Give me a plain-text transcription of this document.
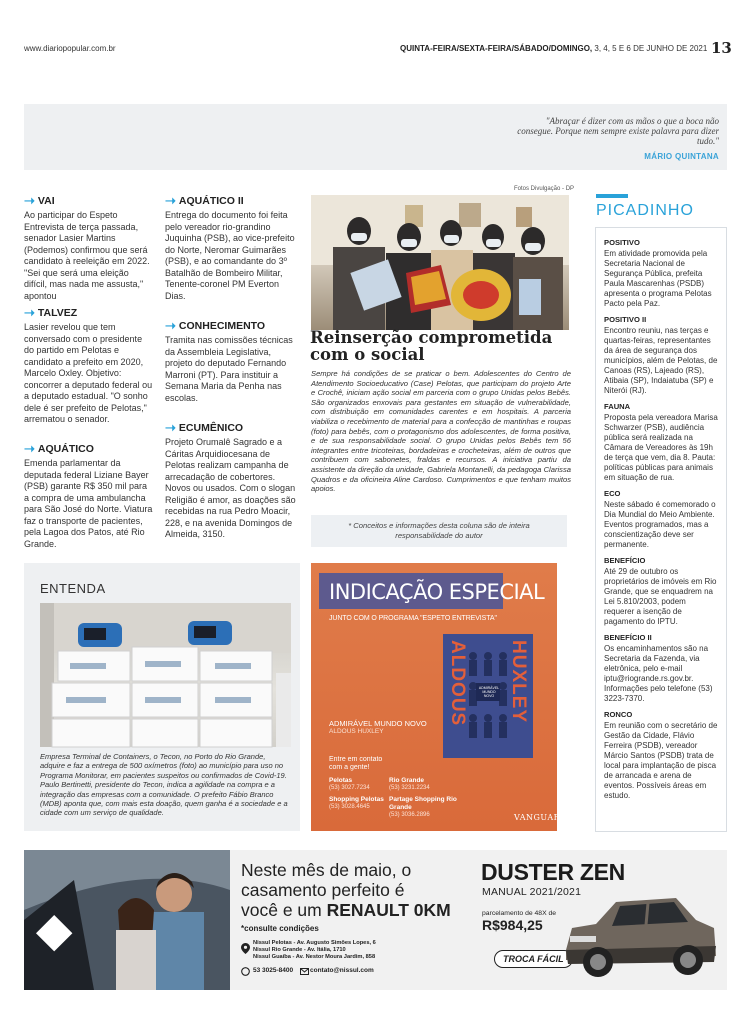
www.diariopopular.com.br	QUINTA-FEIRA/SEXTA-FEIRA/SÁBADO/DOMINGO, 3, 4, 5 E 6 DE JUNHO DE 2021 13
"Abraçar é dizer com as mãos o que a boca não consegue. Porque nem sempre existe palavra para dizer tudo."
MÁRIO QUINTANA
➝ VAI

Ao participar do Espeto Entrevista de terça passada, senador Lasier Martins (Podemos) confirmou que será candidato à reeleição em 2022. "Sei que será uma eleição difícil, mas nada me assusta," apontou

➝ TALVEZ

Lasier revelou que tem conversado com o presidente do partido em Pelotas e candidato a prefeito em 2020, Marcelo Oxley. Objetivo: concorrer a deputado federal ou a deputado estadual. "O sonho dele é ser prefeito de Pelotas," arrematou o senador.

➝ AQUÁTICO

Emenda parlamentar da deputada federal Liziane Bayer (PSB) garante R$ 350 mil para a compra de uma ambulancha para São José do Norte. Viatura faz o transporte de pacientes, pela Lagoa dos Patos, até Rio Grande.

➝ AQUÁTICO II

Entrega do documento foi feita pelo vereador rio-grandino Juquinha (PSB), ao vice-prefeito do Norte, Neromar Guimarães (PSB), e ao comandante do 3º Batalhão de Bombeiro Militar, Tenente-coronel PM Everton Dias.

➝ CONHECIMENTO

Tramita nas comissões técnicas da Assembleia Legislativa, projeto do deputado Fernando Marroni (PT). Para instituir a Semana Maria da Penha nas escolas.

➝ ECUMÊNICO

Projeto Orumalê Sagrado e a Cáritas Arquidiocesana de Pelotas realizam campanha de arrecadação de cobertores. Novos ou usados. Com o slogan Religião é amor, as doações são recebidas na rua Pedro Moacir, 228, e na avenida Domingos de Almeida, 3150.

Fotos Divulgação - DP
Reinserção comprometida com o social
Sempre há condições de se praticar o bem. Adolescentes do Centro de Atendimento Socioeducativo (Case) Pelotas, que participam do projeto Arte e Crochê, iniciam ação social em parceria com o grupo Unidas pelos Bebês. São organizados enxovais para gestantes em situação de vulnerabilidade, com distribuição em comunidades carentes e em hospitais. A parceria viabiliza o recebimento de material para a confecção de mantinhas e roupas (foto) para bebês, com o protagonismo dos adolescentes, de forma positiva, e de sua responsabilidade social. O grupo Unidas pelos Bebês tem 56 integrantes entre tricoteiras, bordadeiras e crocheteiras, além de outros que contribuem com sabonetes, fraldas e recursos. A iniciativa partiu da assistente da direção da unidade, Gabriela Montanelli, da pedagoga Clarissa Quadros e da oficineira Aline Cardoso. Cumprimentos e que tenham muitos apoios.
* Conceitos e informações desta coluna são de inteira responsabilidade do autor
PICADINHO
POSITIVO

Em atividade promovida pela Secretaria Nacional de Segurança Pública, prefeita Paula Mascarenhas (PSDB) apresenta o programa Pelotas Pacto pela Paz.

POSITIVO II

Encontro reuniu, nas terças e quartas-feiras, representantes da área de segurança dos municípios, além de Pelotas, de Canoas (RS), Lajeado (RS), Atibaia (SP), Indaiatuba (SP) e Niterói (RJ).

FAUNA

Proposta pela vereadora Marisa Schwarzer (PSB), audiência pública será realizada na Câmara de Vereadores às 19h de terça que vem, dia 8. Pauta: políticas públicas para animais em situação de rua.

ECO

Neste sábado é comemorado o Dia Mundial do Meio Ambiente. Eventos programados, mas a conscientização deve ser permanente.

BENEFÍCIO

Até 29 de outubro os proprietários de imóveis em Rio Grande, que se enquadrem na Lei 5.810/2003, podem requerer a isenção de pagamento do IPTU.

BENEFÍCIO II

Os encaminhamentos são na Secretaria da Fazenda, via eletrônica, pelo e-mail iptu@riogrande.rs.gov.br. Informações pelo telefone (53) 3223-7370.

RONCO

Em reunião com o secretário de Gestão da Cidade, Flávio Ferreira (PSDB), vereador Márcio Santos (PSDB) trata de local para implantação de pisca de arrancada e arena de eventos. Possíveis áreas em estudo.

ENTENDA
Empresa Terminal de Containers, o Tecon, no Porto do Rio Grande, adquire e faz a entrega de 500 oxímetros (foto) ao município para uso no Programa Monitorar, em pacientes suspeitos ou confirmados de Covid-19. Paulo Bertinetti, presidente do Tecon, indica a agilidade na compra e a integração das empresas com a comunidade. O prefeito Fábio Branco (MDB) aponta que, com mais esta doação, quem ganha é a sociedade e a cidade com um serviço de qualidade.
INDICAÇÃO ESPECIAL
JUNTO COM O PROGRAMA "ESPETO ENTREVISTA"
ALDOUS HUXLEY
ADMIRÁVEL MUNDO NOVO
ADMIRÁVEL MUNDO NOVO
ALDOUS HUXLEY
Entre em contato com a gente!
Pelotas
(53) 3027.7234
Rio Grande
(53) 3231.2234
Shopping Pelotas
(53) 3028.4645
Partage Shopping Rio Grande
(53) 3036.2896	VANGUARDA
Neste mês de maio, o
casamento perfeito é
você e um RENAULT 0KM
*consulte condições
Nissul Pelotas - Av. Augusto Simões Lopes, 6
Nissul Rio Grande - Av. Itália, 1710
Nissul Guaíba - Av. Nestor Moura Jardim, 858
53 3025-8400	contato@nissul.com
DUSTER ZEN
MANUAL 2021/2021
parcelamento de 48X de
R$984,25
TROCA FÁCIL
